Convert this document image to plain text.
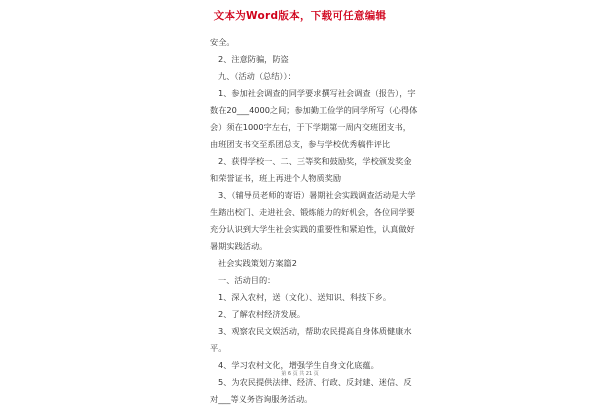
文本为Word版本，下载可任意编辑
安全。
2、注意防骗，防盗
九、（活动（总结））：
1、参加社会调查的同学要求撰写社会调查（报告），字
数在20___4000之间；参加勤工俭学的同学所写（心得体
会）须在1000字左右，于下学期第一周内交班团支书，
由班团支书交至系团总支，参与学校优秀稿件评比
2、获得学校一、二、三等奖和鼓励奖，学校颁发奖金
和荣誉证书，班上再进个人物质奖励
3、（辅导员老师的寄语）暑期社会实践调查活动是大学
生踏出校门、走进社会、锻炼能力的好机会，各位同学要
充分认识到大学生社会实践的重要性和紧迫性，认真做好
暑期实践活动。
社会实践策划方案篇2
一、活动目的：
1、深入农村，送（文化）、送知识、科技下乡。
2、了解农村经济发展。
3、观察农民文娱活动，帮助农民提高自身体质健康水
平。
4、学习农村文化，增强学生自身文化底蕴。
5、为农民提供法律、经济、行政、反封建、迷信、反
对___等义务咨询服务活动。
第 6 页 共 21 页
